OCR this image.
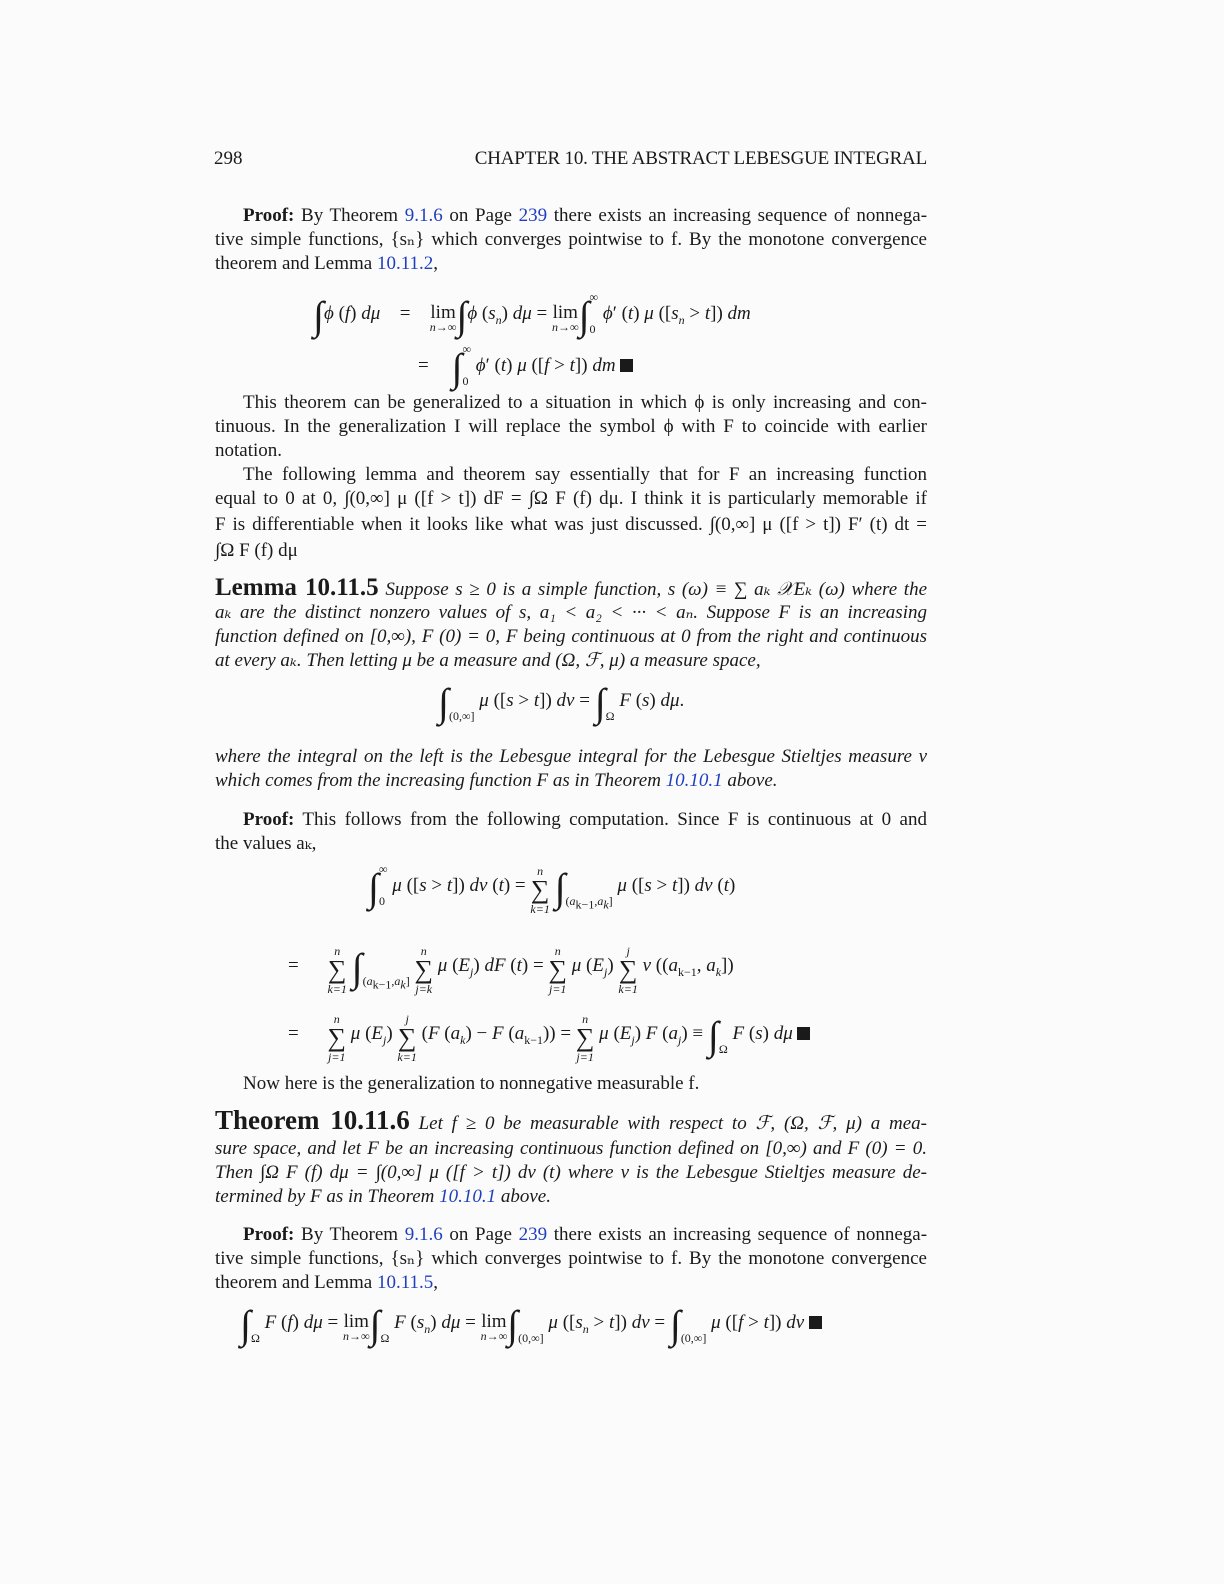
298	CHAPTER 10. THE ABSTRACT LEBESGUE INTEGRAL
Proof: By Theorem 9.1.6 on Page 239 there exists an increasing sequence of nonnega-
tive simple functions, {sₙ} which converges pointwise to f. By the monotone convergence
theorem and Lemma 10.11.2,
∫ϕ (f) dμ = lim
n→∞ ∫ϕ $(s_n) d\mu = \lim$
n→∞ $\int_0^\infty$ ϕ′ (t) μ $([s_n > t])$ dm
= $\int_0^\infty$ ϕ′ (t) μ ([f > t]) dm
This theorem can be generalized to a situation in which ϕ is only increasing and con-
tinuous. In the generalization I will replace the symbol ϕ with F to coincide with earlier
notation.
The following lemma and theorem say essentially that for F an increasing function
equal to 0 at 0, ∫(0,∞] μ ([f > t]) dF = ∫Ω F (f) dμ. I think it is particularly memorable if
F is differentiable when it looks like what was just discussed. ∫(0,∞] μ ([f > t]) F′ (t) dt =
∫Ω F (f) dμ
Lemma 10.11.5 Suppose s ≥ 0 is a simple function, s (ω) ≡ ∑ aₖ 𝒳Eₖ (ω) where the
aₖ are the distinct nonzero values of s, a₁ < a₂ < ··· < aₙ. Suppose F is an increasing
function defined on [0,∞), F (0) = 0, F being continuous at 0 from the right and continuous
at every aₖ. Then letting μ be a measure and (Ω, ℱ, μ) a measure space,
$\int_{(0,\infty]}$ μ ([s > t]) $d\nu = \int_\Omega$ F (s) dμ.
where the integral on the left is the Lebesgue integral for the Lebesgue Stieltjes measure ν
which comes from the increasing function F as in Theorem 10.10.1 above.
Proof: This follows from the following computation. Since F is continuous at 0 and
the values aₖ,
$\int_0^\infty$ μ ([s > t]) dν (t) =
n
∑
k=1 $\int_{(a_{k-1},a_k]}$ μ ([s > t]) dν (t)
=
n
∑
k=1 $\int_{(a_{k-1},a_k]}$
n
∑
j=k
μ $(E_j)$ dF (t) =
n
∑
j=1
μ $(E_j)$
j
∑
k=1
ν (($a_{k-1}$, $a_k$])
=
n
∑
j=1
μ $(E_j)$
j
∑
k=1
(F $(a_k) - F$ $(a_{k-1})$) =
n
∑
j=1
μ $(E_j)$ F $(a_j) \equiv \int_\Omega$ F (s) dμ
Now here is the generalization to nonnegative measurable f.
Theorem 10.11.6 Let f ≥ 0 be measurable with respect to ℱ, (Ω, ℱ, μ) a mea-
sure space, and let F be an increasing continuous function defined on [0,∞) and F (0) = 0.
Then ∫Ω F (f) dμ = ∫(0,∞] μ ([f > t]) dν (t) where ν is the Lebesgue Stieltjes measure de-
termined by F as in Theorem 10.10.1 above.
Proof: By Theorem 9.1.6 on Page 239 there exists an increasing sequence of nonnega-
tive simple functions, {sₙ} which converges pointwise to f. By the monotone convergence
theorem and Lemma 10.11.5,
$\int_\Omega$ F (f) dμ = lim
n→∞ $\int_\Omega$ F $(s_n) d\mu = \lim$
n→∞ $\int_{(0,\infty]}$ μ $([s_n > t]) d\nu = \int_{(0,\infty]}$ μ ([f > t]) dν
